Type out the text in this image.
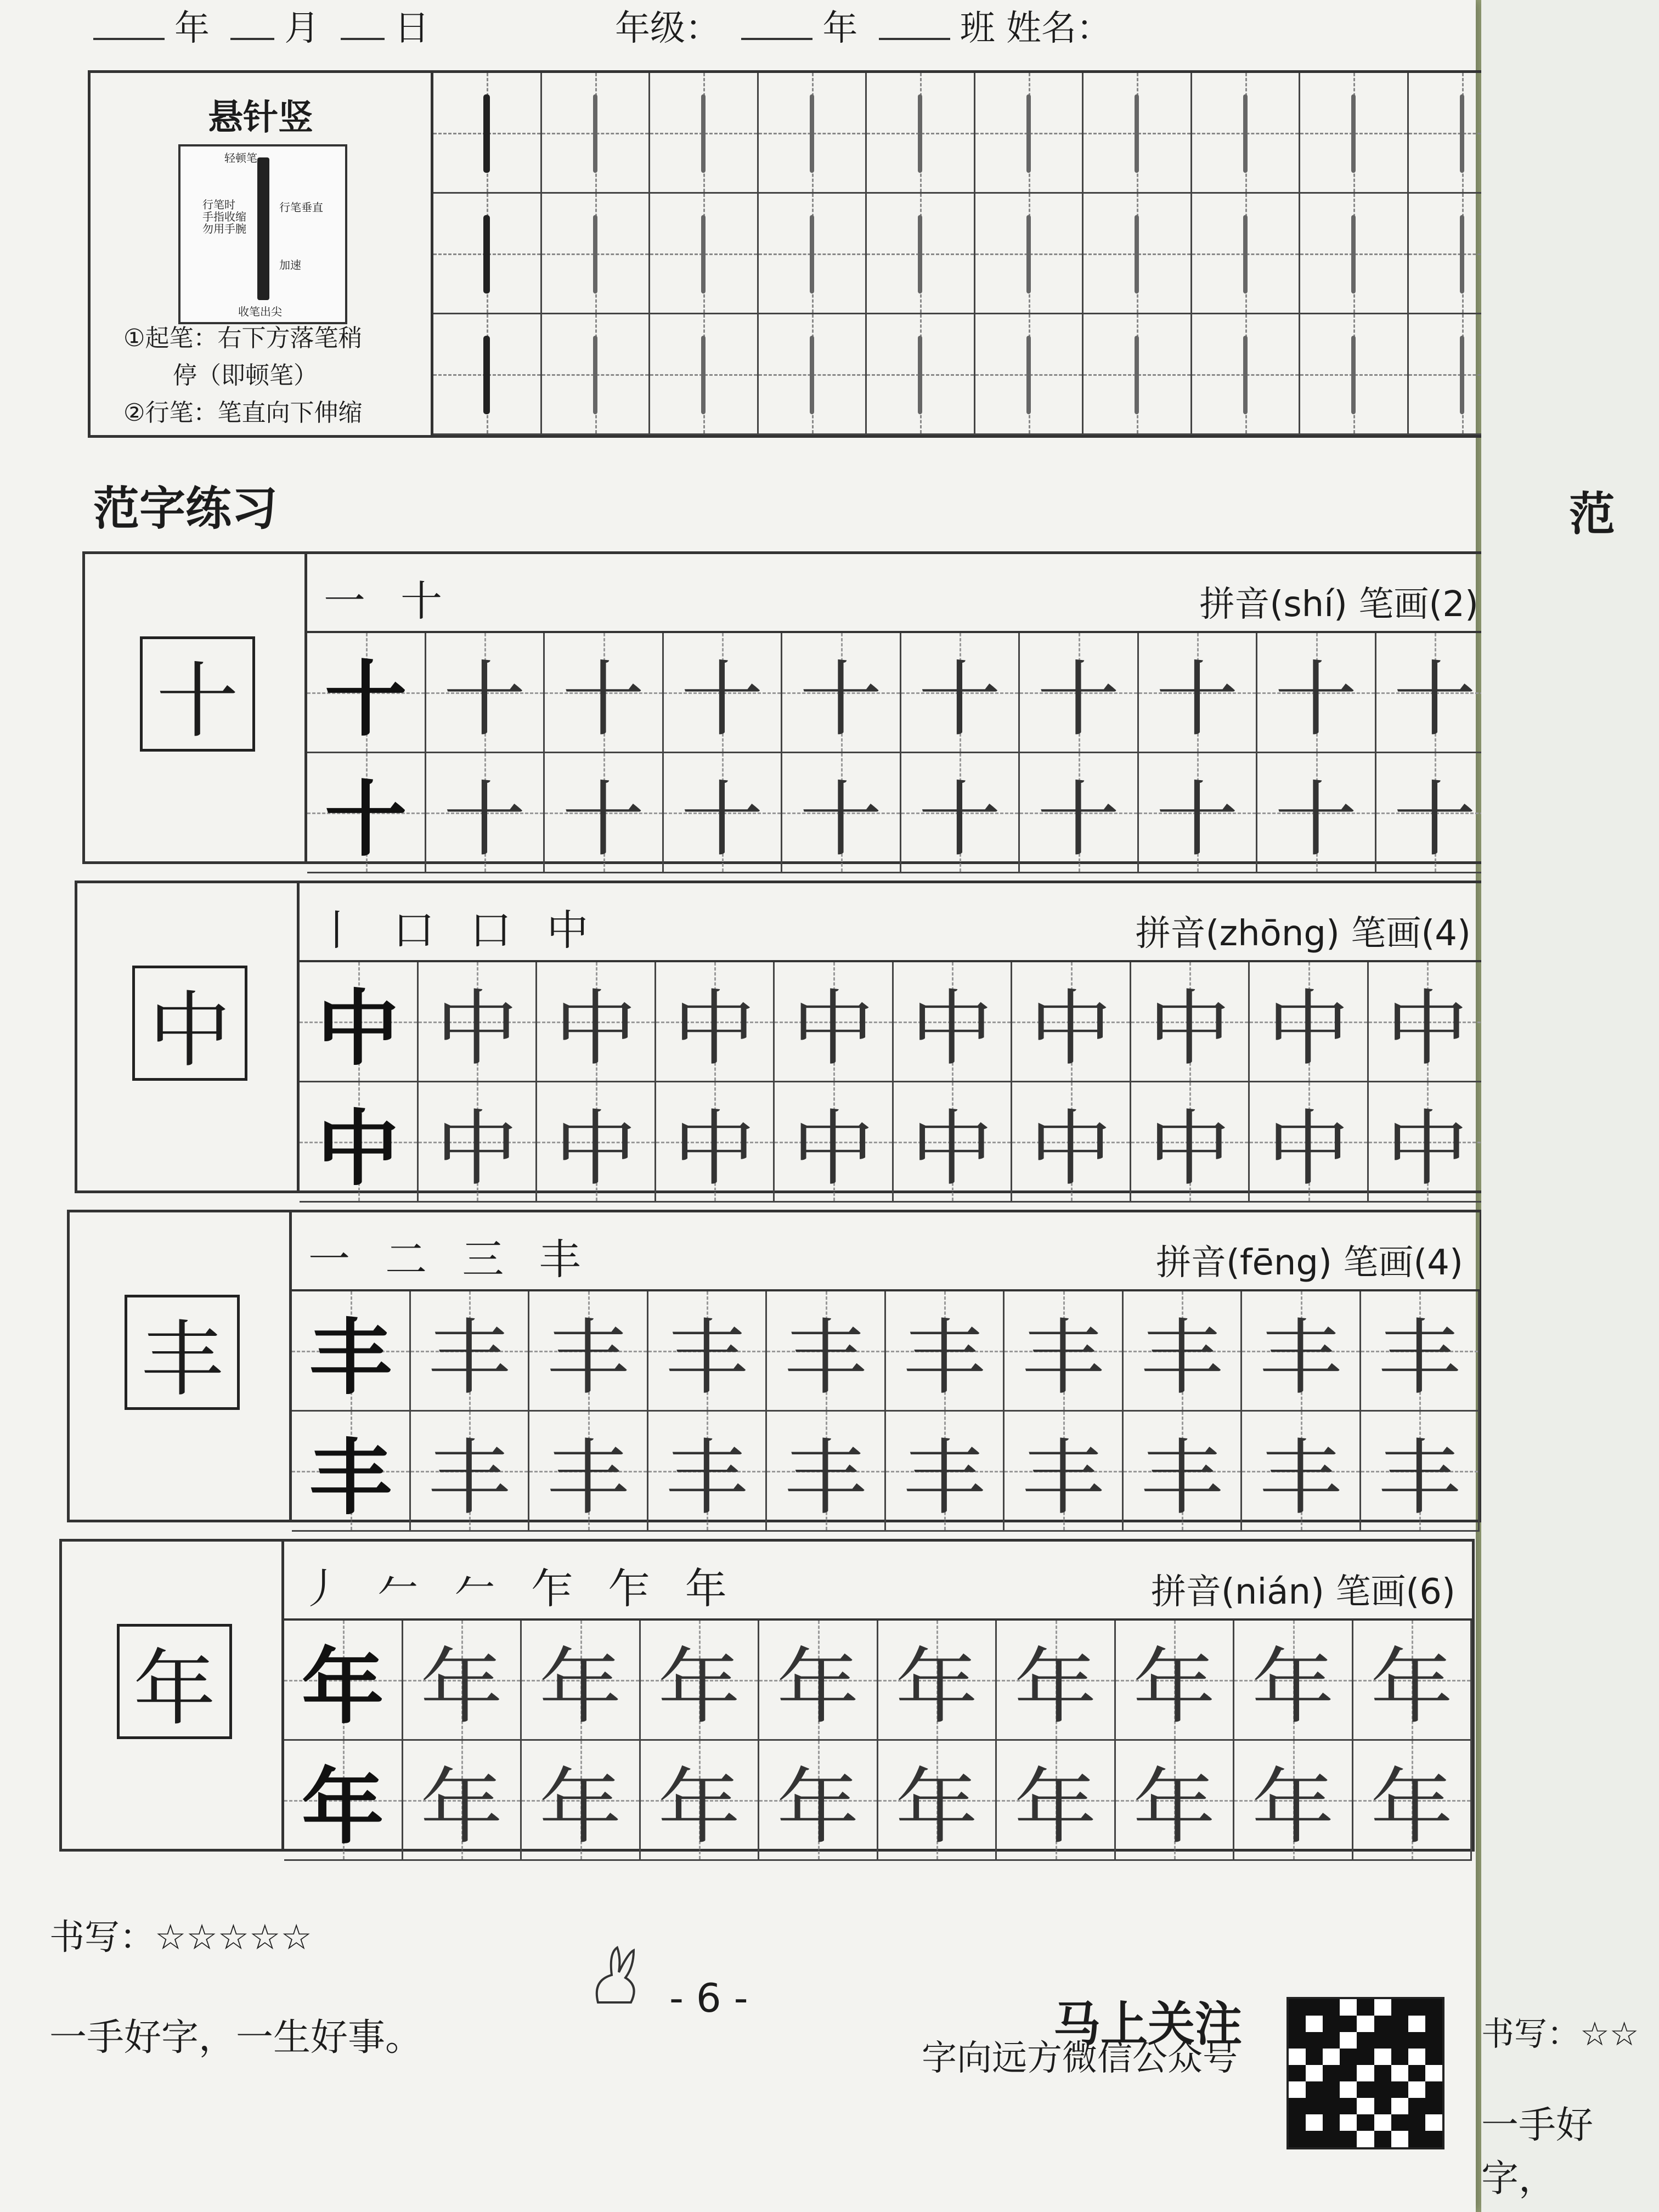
年 月 日	年级：	年	班 姓名：
悬针竖
轻顿笔
行笔时
手指收缩
勿用手腕
行笔垂直
加速
收笔出尖
①起笔：右下方落笔稍
停（即顿笔）
②行笔：笔直向下伸缩
范字练习
十
一 十	拼音(shí) 笔画(2)
十 十 十 十 十 十 十 十 十 十
十 十 十 十 十 十 十 十 十 十
中
丨 口 口 中	拼音(zhōng) 笔画(4)
中 中 中 中 中 中 中 中 中 中
中 中 中 中 中 中 中 中 中 中
丰
一 二 三 丰	拼音(fēng) 笔画(4)
丰 丰 丰 丰 丰 丰 丰 丰 丰 丰
丰 丰 丰 丰 丰 丰 丰 丰 丰 丰
年
丿 𠂉 𠂉 乍 乍 年	拼音(nián) 笔画(6)
年 年 年 年 年 年 年 年 年 年
年 年 年 年 年 年 年 年 年 年
书写：☆☆☆☆☆
一手好字，一生好事。
- 6 -	马上关注
字向远方微信公众号
范
书写：☆☆
一手好字，
